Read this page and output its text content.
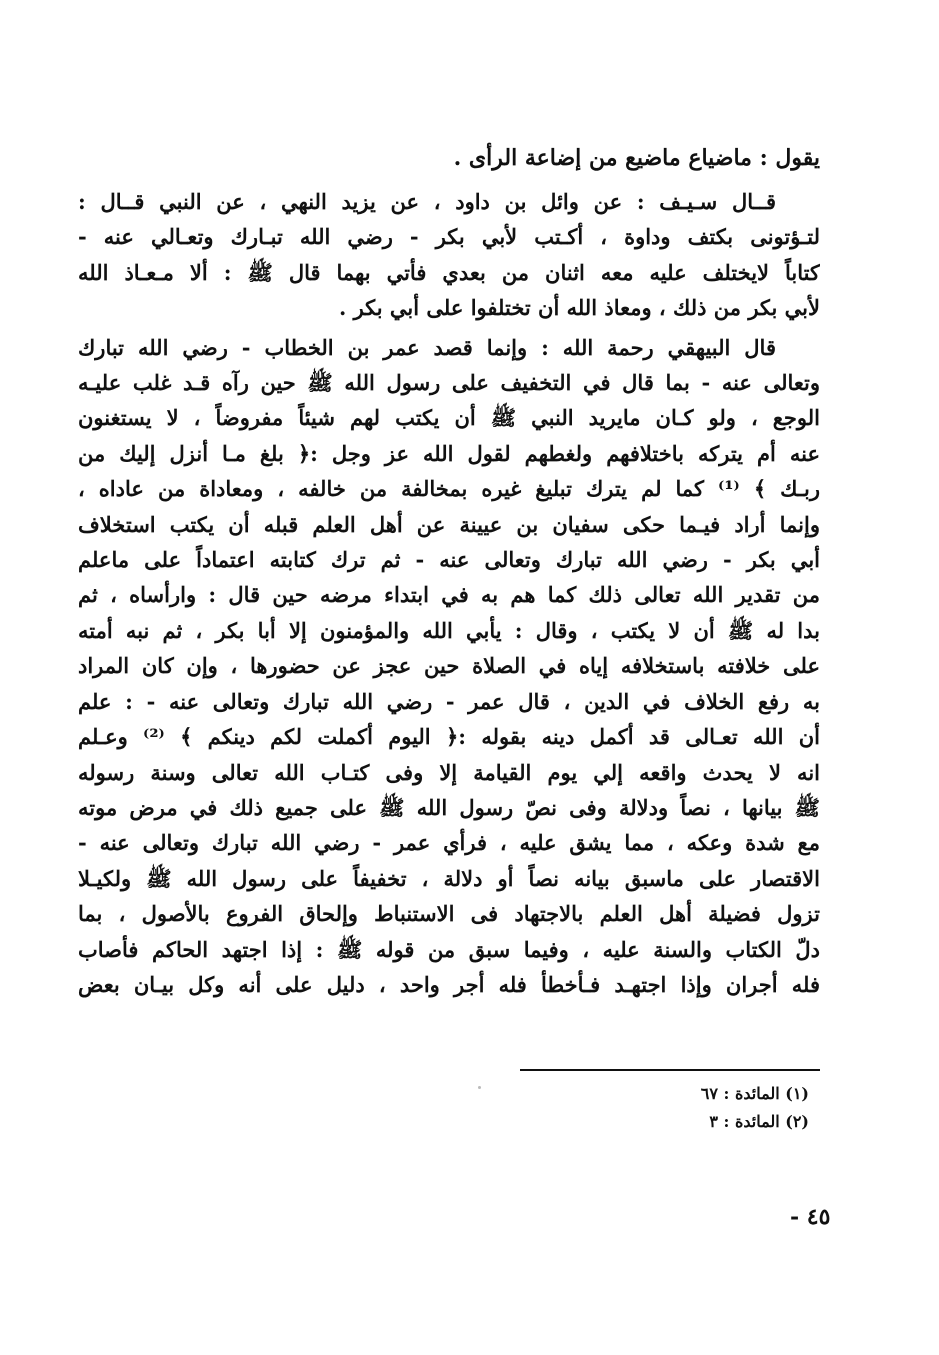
يقول : ماضياع ماضيع من إضاعة الرأى .

قــال سـيـف : عن وائل بن داود ، عن يزيد النهي ، عن النبي قــال :
لتـؤتونى بكتف وداوة ، أكـتب لأبي بكر - رضي الله تبـارك وتعـالي عنه -
كتاباً لايختلف عليه معه اثنان من بعدي فأتي بهما قال ﷺ : ألا مـعـاذ الله
لأبي بكر من ذلك ، ومعاذ الله أن تختلفوا على أبي بكر .

قال البيهقي رحمة الله : وإنما قصد عمر بن الخطاب - رضي الله تبارك
وتعالى عنه - بما قال في التخفيف على رسول الله ﷺ حين رآه قـد غلب عليـه
الوجع ، ولو كـان مايريد النبي ﷺ أن يكتب لهم شيئاً مفروضاً ، لا يستغنون
عنه أم يتركه باختلافهم ولغطهم لقول الله عز وجل :﴿ بلغ مـا أنزل إليك من
ربـك ﴾ ⁽¹⁾ كما لم يترك تبليغ غيره بمخالفة من خالفه ، ومعاداة من عاداه ،
وإنما أراد فيـما حكى سفيان بن عيينة عن أهل العلم قبله أن يكتب استخلاف
أبي بكر - رضي الله تبارك وتعالى عنه - ثم ترك كتابته اعتماداً على ماعلم
من تقدير الله تعالى ذلك كما هم به في ابتداء مرضه حين قال : وارأساه ، ثم
بدا له ﷺ أن لا يكتب ، وقال : يأبي الله والمؤمنون إلا أبا بكر ، ثم نبه أمته
على خلافته باستخلافه إياه في الصلاة حين عجز عن حضورها ، وإن كان المراد
به رفع الخلاف في الدين ، قال عمر - رضي الله تبارك وتعالى عنه - : علم
أن الله تعـالى قد أكمل دينه بقوله :﴿ اليوم أكملت لكم دينكم ﴾ ⁽²⁾ وعـلم
انه لا يحدث واقعه إلي يوم القيامة إلا وفى كتـاب الله تعالى وسنة رسوله
ﷺ بيانها ، نصاً ودلالة وفى نصّ رسول الله ﷺ على جميع ذلك في مرض موته
مع شدة وعكه ، مما يشق عليه ، فرأي عمر - رضي الله تبارك وتعالى عنه -
الاقتصار على ماسبق بيانه نصاً أو دلالة ، تخفيفاً على رسول الله ﷺ ولكيـلا
تزول فضيلة أهل العلم بالاجتهاد فى الاستنباط وإلحاق الفروع بالأصول ، بما
دلّ الكتاب والسنة عليه ، وفيما سبق من قوله ﷺ : إذا اجتهد الحاكم فأصاب
فله أجران وإذا اجتهـد فـأخطأ فله أجر واحد ، دليل على أنه وكل بيـان بعض

(١) المائدة : ٦٧
(٢) المائدة : ٣
٤٥ -
